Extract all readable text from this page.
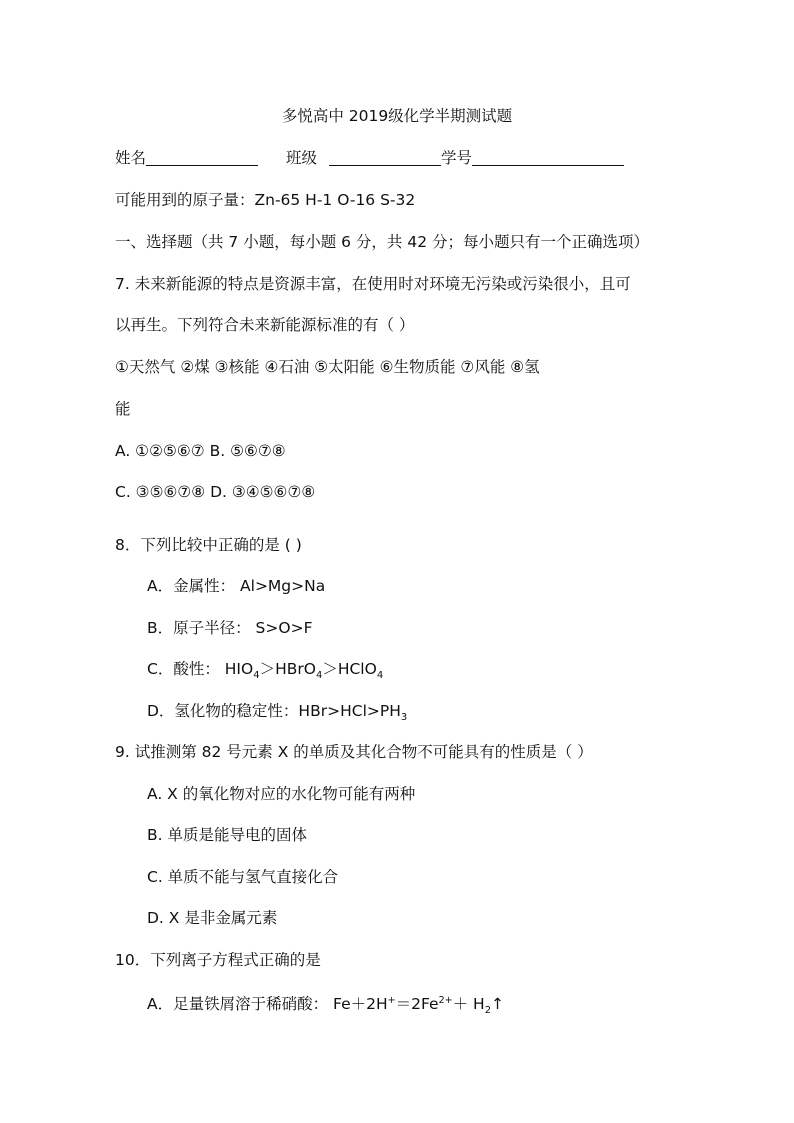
多悦高中 2019级化学半期测试题
姓名	班级	学号
可能用到的原子量：Zn-65 H-1 O-16 S-32
一、选择题（共 7 小题，每小题 6 分，共 42 分；每小题只有一个正确选项）
7. 未来新能源的特点是资源丰富，在使用时对环境无污染或污染很小，且可
以再生。下列符合未来新能源标准的有（ ）
①天然气 ②煤 ③核能 ④石油 ⑤太阳能 ⑥生物质能 ⑦风能 ⑧氢
能
A. ①②⑤⑥⑦ B. ⑤⑥⑦⑧
C. ③⑤⑥⑦⑧ D. ③④⑤⑥⑦⑧
8．下列比较中正确的是 ( )
A．金属性： Al>Mg>Na
B．原子半径： S>O>F
C．酸性： $HIO_4>HBrO_4>HClO_4$
D．氢化物的稳定性：$HBr>HCl>PH_3$
9. 试推测第 82 号元素 X 的单质及其化合物不可能具有的性质是（ ）
A. X 的氧化物对应的水化物可能有两种
B. 单质是能导电的固体
C. 单质不能与氢气直接化合
D. X 是非金属元素
10．下列离子方程式正确的是
A．足量铁屑溶于稀硝酸： $Fe+2H^+=2Fe^{2+}+$ $H_2↑$
